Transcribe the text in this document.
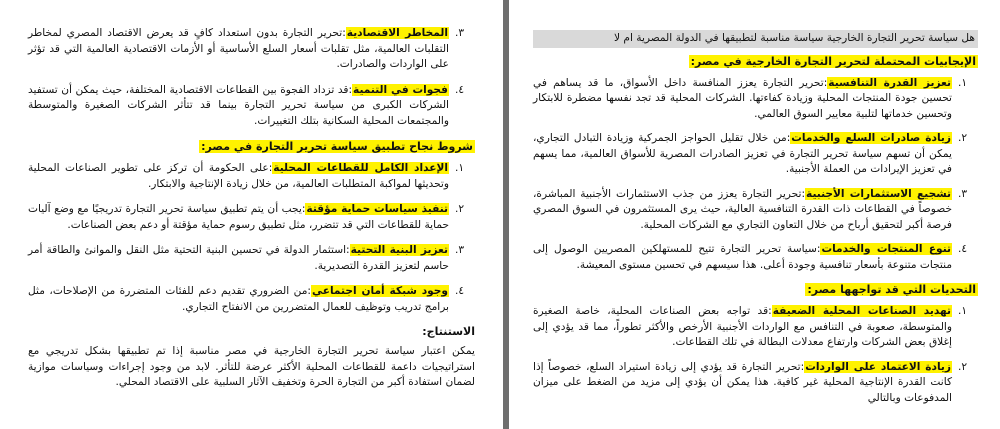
٣.

المخاطر الاقتصادية:تحرير التجارة بدون استعداد كافٍ قد يعرض الاقتصاد المصري لمخاطر التقلبات العالمية، مثل تقلبات أسعار السلع الأساسية أو الأزمات الاقتصادية العالمية التي قد تؤثر على الواردات والصادرات.

٤.

فجوات في التنمية:قد تزداد الفجوة بين القطاعات الاقتصادية المختلفة، حيث يمكن أن تستفيد الشركات الكبرى من سياسة تحرير التجارة بينما قد تتأثر الشركات الصغيرة والمتوسطة والمجتمعات المحلية السكانية بتلك التغييرات.

شروط نجاح تطبيق سياسة تحرير التجارة في مصر:
١.

الإعداد الكامل للقطاعات المحلية:على الحكومة أن تركز على تطوير الصناعات المحلية وتحديثها لمواكبة المتطلبات العالمية، من خلال زيادة الإنتاجية والابتكار.

٢.

تنفيذ سياسات حماية مؤقتة:يجب أن يتم تطبيق سياسة تحرير التجارة تدريجيًا مع وضع آليات حماية للقطاعات التي قد تتضرر، مثل تطبيق رسوم حماية مؤقتة أو دعم بعض الصناعات.

٣.

تعزيز البنية التحتية:استثمار الدولة في تحسين البنية التحتية مثل النقل والموانئ والطاقة أمر حاسم لتعزيز القدرة التصديرية.

٤.

وجود شبكة أمان اجتماعي:من الضروري تقديم دعم للفئات المتضررة من الإصلاحات، مثل برامج تدريب وتوظيف للعمال المتضررين من الانفتاح التجاري.

الاستنتاج:

يمكن اعتبار سياسة تحرير التجارة الخارجية في مصر مناسبة إذا تم تطبيقها بشكل تدريجي مع استراتيجيات داعمة للقطاعات المحلية الأكثر عرضة للتأثر. لابد من وجود إجراءات وسياسات موازية لضمان استفادة أكبر من التجارة الحرة وتخفيف الآثار السلبية على الاقتصاد المحلي.

هل سياسة تحرير التجارة الخارجية سياسة مناسبة لتطبيقها في الدولة المصرية ام لا

الإيجابيات المحتملة لتحرير التجارة الخارجية في مصر:
١.

تعزيز القدرة التنافسية:تحرير التجارة يعزز المنافسة داخل الأسواق، ما قد يساهم في تحسين جودة المنتجات المحلية وزيادة كفاءتها. الشركات المحلية قد تجد نفسها مضطرة للابتكار وتحسين خدماتها لتلبية معايير السوق العالمي.

٢.

زيادة صادرات السلع والخدمات:من خلال تقليل الحواجز الجمركية وزيادة التبادل التجاري، يمكن أن تسهم سياسة تحرير التجارة في تعزيز الصادرات المصرية للأسواق العالمية، مما يسهم في تعزيز الإيرادات من العملة الأجنبية.

٣.

تشجيع الاستثمارات الأجنبية:تحرير التجارة يعزز من جذب الاستثمارات الأجنبية المباشرة، خصوصاً في القطاعات ذات القدرة التنافسية العالية، حيث يرى المستثمرون في السوق المصري فرصة أكبر لتحقيق أرباح من خلال التعاون التجاري مع الشركات المحلية.

٤.

تنوع المنتجات والخدمات:سياسة تحرير التجارة تتيح للمستهلكين المصريين الوصول إلى منتجات متنوعة بأسعار تنافسية وجودة أعلى. هذا سيسهم في تحسين مستوى المعيشة.

التحديات التي قد تواجهها مصر:
١.

تهديد الصناعات المحلية الضعيفة:قد تواجه بعض الصناعات المحلية، خاصة الصغيرة والمتوسطة، صعوبة في التنافس مع الواردات الأجنبية الأرخص والأكثر تطوراً، مما قد يؤدي إلى إغلاق بعض الشركات وارتفاع معدلات البطالة في تلك القطاعات.

٢.

زيادة الاعتماد على الواردات:تحرير التجارة قد يؤدي إلى زيادة استيراد السلع، خصوصاً إذا كانت القدرة الإنتاجية المحلية غير كافية. هذا يمكن أن يؤدي إلى مزيد من الضغط على ميزان المدفوعات وبالتالي
